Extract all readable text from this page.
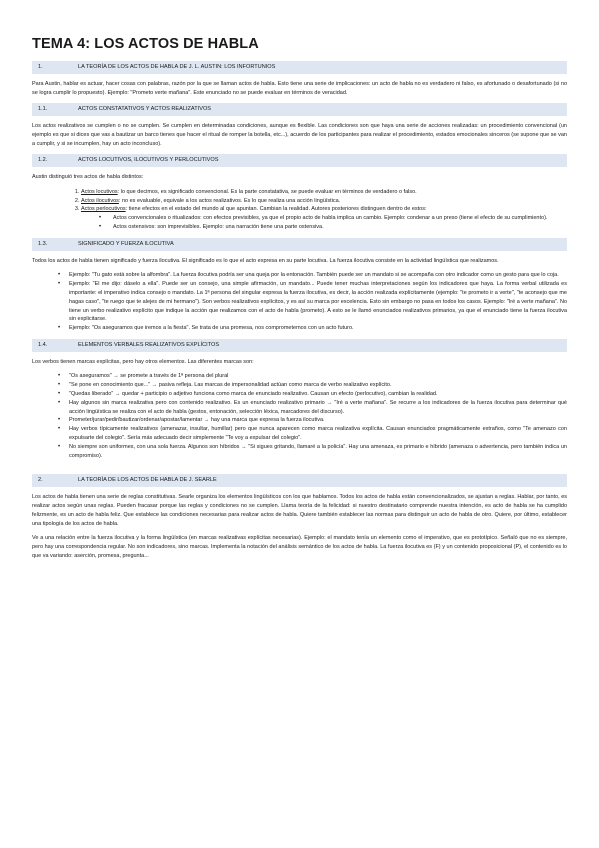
TEMA 4: LOS ACTOS DE HABLA
1.	LA TEORÍA DE LOS ACTOS DE HABLA DE J. L. AUSTIN: LOS INFORTUNIOS

Para Austin, hablar es actuar, hacer cosas con palabras, razón por la que se llaman actos de habla. Esto tiene una serie de implicaciones: un acto de habla no es verdadero ni falso, es afortunado o desafortunado (si no se logra cumplir lo propuesto). Ejemplo: "Prometo verte mañana". Este enunciado no se puede evaluar en términos de veracidad.

1.1.	ACTOS CONSTATATIVOS Y ACTOS REALIZATIVOS

Los actos realizativos se cumplen o no se cumplen. Se cumplen en determinadas condiciones, aunque es flexible. Las condiciones son que haya una serie de acciones realizadas: un procedimiento convencional (un ejemplo es que si dices que vas a bautizar un barco tienes que hacer el ritual de romper la botella, etc...), acuerdo de los participantes para realizar el procedimiento, estados emocionales sinceros (se supone que se van a cumplir, y si se incumplen, hay un acto inconcluso).

1.2.	ACTOS LOCUTIVOS, ILOCUTIVOS Y PERLOCUTIVOS

Austin distinguió tres actos de habla distintos:

1. Actos locutivos: lo que decimos, es significado convencional. Es la parte constatativa, se puede evaluar en términos de verdadero o falso.
2. Actos ilocutivos: no es evaluable, equivale a los actos realizativos. Es lo que realiza una acción lingüística.
3. Actos perlocutivos: tiene efectos en el estado del mundo al que apuntan. Cambian la realidad. Autores posteriores distinguen dentro de estos:
• Actos convencionales o ritualizados: con efectos previsibles, ya que el propio acto de habla implica un cambio. Ejemplo: condenar a un preso (tiene el efecto de su cumplimiento).
• Actos ostensivos: son imprevisibles. Ejemplo: una narración tiene una parte ostensiva.
1.3.	SIGNIFICADO Y FUERZA ILOCUTIVA

Todos los actos de habla tienen significado y fuerza ilocutiva. El significado es lo que el acto expresa en su parte locutiva. La fuerza ilocutiva consiste en la actividad lingüística que realizamos.

• Ejemplo: "Tu gato está sobre la alfombra". La fuerza ilocutiva podría ser una queja por la entonación. También puede ser un mandato si se acompaña con otro indicador como un gesto para que lo coja.
• Ejemplo: "El me dijo: dáselo a ella". Puede ser un consejo, una simple afirmación, un mandato... Puede tener muchas interpretaciones según los indicadores que haya. La forma verbal utilizada es importante: el imperativo indica consejo o mandato. La 1ª persona del singular expresa la fuerza ilocutiva, es decir, la acción realizada explícitamente (ejemplo: "te prometo ir a verte", "te aconsejo que me hagas caso", "te ruego que te alejes de mi hermano"). Son verbos realizativos explícitos, y es así su marca por excelencia. Esto sin embargo no pasa en todos los casos. Ejemplo: "Iré a verte mañana". No tiene un verbo realizativo explícito que indique la acción que realizamos con el acto de habla (prometo). A esto se le llamó enunciados realizativos primarios, ya que el enunciado tiene la fuerza ilocutiva sin explicitarse.
• Ejemplo: "Os aseguramos que iremos a la fiesta". Se trata de una promesa, nos comprometemos con un acto futuro.
1.4.	ELEMENTOS VERBALES REALIZATIVOS EXPLÍCITOS

Los verbos tienen marcas explícitas, pero hay otros elementos. Las diferentes marcas son:

• "Os aseguramos" → se promete a través de 1ª persona del plural
• "Se pone en conocimiento que..." → pasiva refleja. Las marcas de impersonalidad actúan como marca de verbo realizativo explícito.
• "Quedas liberado" → quedar + participio o adjetivo funciona como marca de enunciado realizativo. Causan un efecto (perlocutivo), cambian la realidad.
• Hay algunos sin marca realizativa pero con contenido realizativo. Es un enunciado realizativo primario → "Iré a verte mañana". Se recurre a los indicadores de la fuerza ilocutiva para determinar qué acción lingüística se realiza con el acto de habla (gestos, entonación, selección léxica, marcadores del discurso).
• Prometer/jurar/pedir/bautizar/ordenar/apostar/lamentar → hay una marca que expresa la fuerza ilocutiva.
• Hay verbos típicamente realizativos (amenazar, insultar, humillar) pero que nunca aparecen como marca realizativa explícita. Causan enunciados pragmáticamente extraños, como "Te amenazo con expulsarte del colegio". Sería más adecuado decir simplemente "Te voy a expulsar del colegio".
• No siempre son uniformes, con una sola fuerza. Algunos son híbridos → "Si sigues gritando, llamaré a la policía". Hay una amenaza, es primario e híbrido (amenaza o advertencia, pero también indica un compromiso).
2.	LA TEORÍA DE LOS ACTOS DE HABLA DE J. SEARLE

Los actos de habla tienen una serie de reglas constitutivas. Searle organiza los elementos lingüísticos con los que hablamos. Todos los actos de habla están convencionalizados, se ajustan a reglas. Hablar, por tanto, es realizar actos según unas reglas. Pueden fracasar porque las reglas y condiciones no se cumplen. Llama teoría de la felicidad: si nuestro destinatario comprende nuestra intención, es acto de habla se ha cumplido felizmente, es un acto de habla feliz. Que establece las condiciones necesarias para realizar actos de habla. Quiere también establecer las normas para distinguir un acto de habla de otro. Quiere, por último, establecer una tipología de los actos de habla.

Ve a una relación entre la fuerza ilocutiva y la forma lingüística (en marcas realizativas explícitas necesarias). Ejemplo: el mandato tenía un elemento como el imperativo, que es prototípico. Señaló que no es siempre, pero hay una correspondencia regular. No son indicadores, sino marcas. Implementa la notación del análisis semántico de los actos de habla. La fuerza ilocutiva es (F) y un contenido proposicional (P), el contenido es lo que va variando: aserción, promesa, pregunta...
